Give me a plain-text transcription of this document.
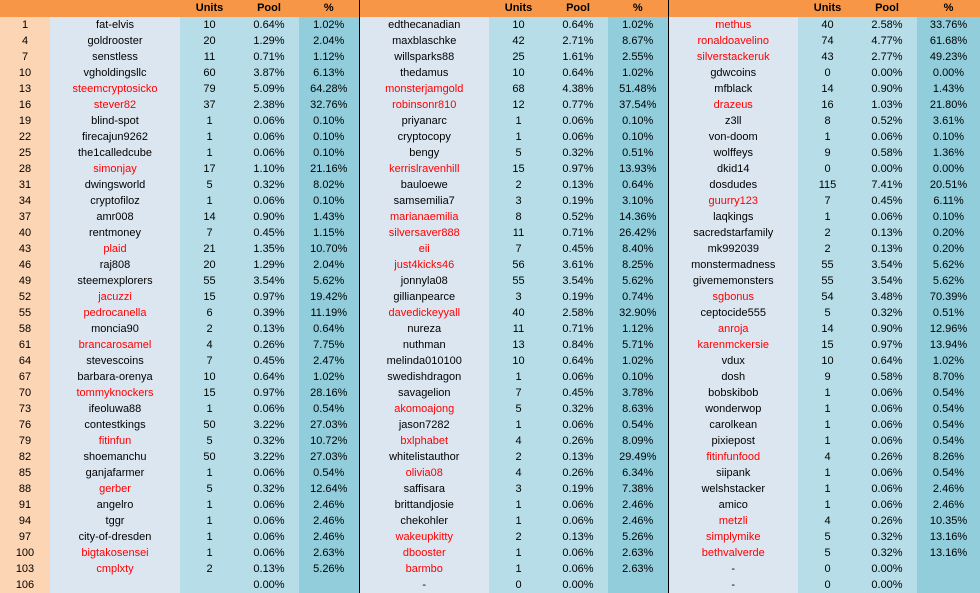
		Units	Pool	%		Units	Pool	%		Units	Pool	%
1	fat-elvis	10	0.64%	1.02%	edthecanadian	10	0.64%	1.02%	methus	40	2.58%	33.76%
4	goldrooster	20	1.29%	2.04%	maxblaschke	42	2.71%	8.67%	ronaldoavelino	74	4.77%	61.68%
7	senstless	11	0.71%	1.12%	willsparks88	25	1.61%	2.55%	silverstackeruk	43	2.77%	49.23%
10	vgholdingsllc	60	3.87%	6.13%	thedamus	10	0.64%	1.02%	gdwcoins	0	0.00%	0.00%
13	steemcryptosicko	79	5.09%	64.28%	monsterjamgold	68	4.38%	51.48%	mfblack	14	0.90%	1.43%
16	stever82	37	2.38%	32.76%	robinsonr810	12	0.77%	37.54%	drazeus	16	1.03%	21.80%
19	blind-spot	1	0.06%	0.10%	priyanarc	1	0.06%	0.10%	z3ll	8	0.52%	3.61%
22	firecajun9262	1	0.06%	0.10%	cryptocopy	1	0.06%	0.10%	von-doom	1	0.06%	0.10%
25	the1calledcube	1	0.06%	0.10%	bengy	5	0.32%	0.51%	wolffeys	9	0.58%	1.36%
28	simonjay	17	1.10%	21.16%	kerrislravenhill	15	0.97%	13.93%	dkid14	0	0.00%	0.00%
31	dwingsworld	5	0.32%	8.02%	bauloewe	2	0.13%	0.64%	dosdudes	115	7.41%	20.51%
34	cryptofiloz	1	0.06%	0.10%	samsemilia7	3	0.19%	3.10%	guurry123	7	0.45%	6.11%
37	amr008	14	0.90%	1.43%	marianaemilia	8	0.52%	14.36%	laqkings	1	0.06%	0.10%
40	rentmoney	7	0.45%	1.15%	silversaver888	11	0.71%	26.42%	sacredstarfamily	2	0.13%	0.20%
43	plaid	21	1.35%	10.70%	eii	7	0.45%	8.40%	mk992039	2	0.13%	0.20%
46	raj808	20	1.29%	2.04%	just4kicks46	56	3.61%	8.25%	monstermadness	55	3.54%	5.62%
49	steemexplorers	55	3.54%	5.62%	jonnyla08	55	3.54%	5.62%	givememonsters	55	3.54%	5.62%
52	jacuzzi	15	0.97%	19.42%	gillianpearce	3	0.19%	0.74%	sgbonus	54	3.48%	70.39%
55	pedrocanella	6	0.39%	11.19%	davedickeyyall	40	2.58%	32.90%	ceptocide555	5	0.32%	0.51%
58	moncia90	2	0.13%	0.64%	nureza	11	0.71%	1.12%	anroja	14	0.90%	12.96%
61	brancarosamel	4	0.26%	7.75%	nuthman	13	0.84%	5.71%	karenmckersie	15	0.97%	13.94%
64	stevescoins	7	0.45%	2.47%	melinda010100	10	0.64%	1.02%	vdux	10	0.64%	1.02%
67	barbara-orenya	10	0.64%	1.02%	swedishdragon	1	0.06%	0.10%	dosh	9	0.58%	8.70%
70	tommyknockers	15	0.97%	28.16%	savagelion	7	0.45%	3.78%	bobskibob	1	0.06%	0.54%
73	ifeoluwa88	1	0.06%	0.54%	akomoajong	5	0.32%	8.63%	wonderwop	1	0.06%	0.54%
76	contestkings	50	3.22%	27.03%	jason7282	1	0.06%	0.54%	carolkean	1	0.06%	0.54%
79	fitinfun	5	0.32%	10.72%	bxlphabet	4	0.26%	8.09%	pixiepost	1	0.06%	0.54%
82	shoemanchu	50	3.22%	27.03%	whitelistauthor	2	0.13%	29.49%	fitinfunfood	4	0.26%	8.26%
85	ganjafarmer	1	0.06%	0.54%	olivia08	4	0.26%	6.34%	siipank	1	0.06%	0.54%
88	gerber	5	0.32%	12.64%	saffisara	3	0.19%	7.38%	welshstacker	1	0.06%	2.46%
91	angelro	1	0.06%	2.46%	brittandjosie	1	0.06%	2.46%	amico	1	0.06%	2.46%
94	tggr	1	0.06%	2.46%	chekohler	1	0.06%	2.46%	metzli	4	0.26%	10.35%
97	city-of-dresden	1	0.06%	2.46%	wakeupkitty	2	0.13%	5.26%	simplymike	5	0.32%	13.16%
100	bigtakosensei	1	0.06%	2.63%	dbooster	1	0.06%	2.63%	bethvalverde	5	0.32%	13.16%
103	cmplxty	2	0.13%	5.26%	barmbo	1	0.06%	2.63%	-	0	0.00%	
106			0.00%		-	0	0.00%		-	0	0.00%	
